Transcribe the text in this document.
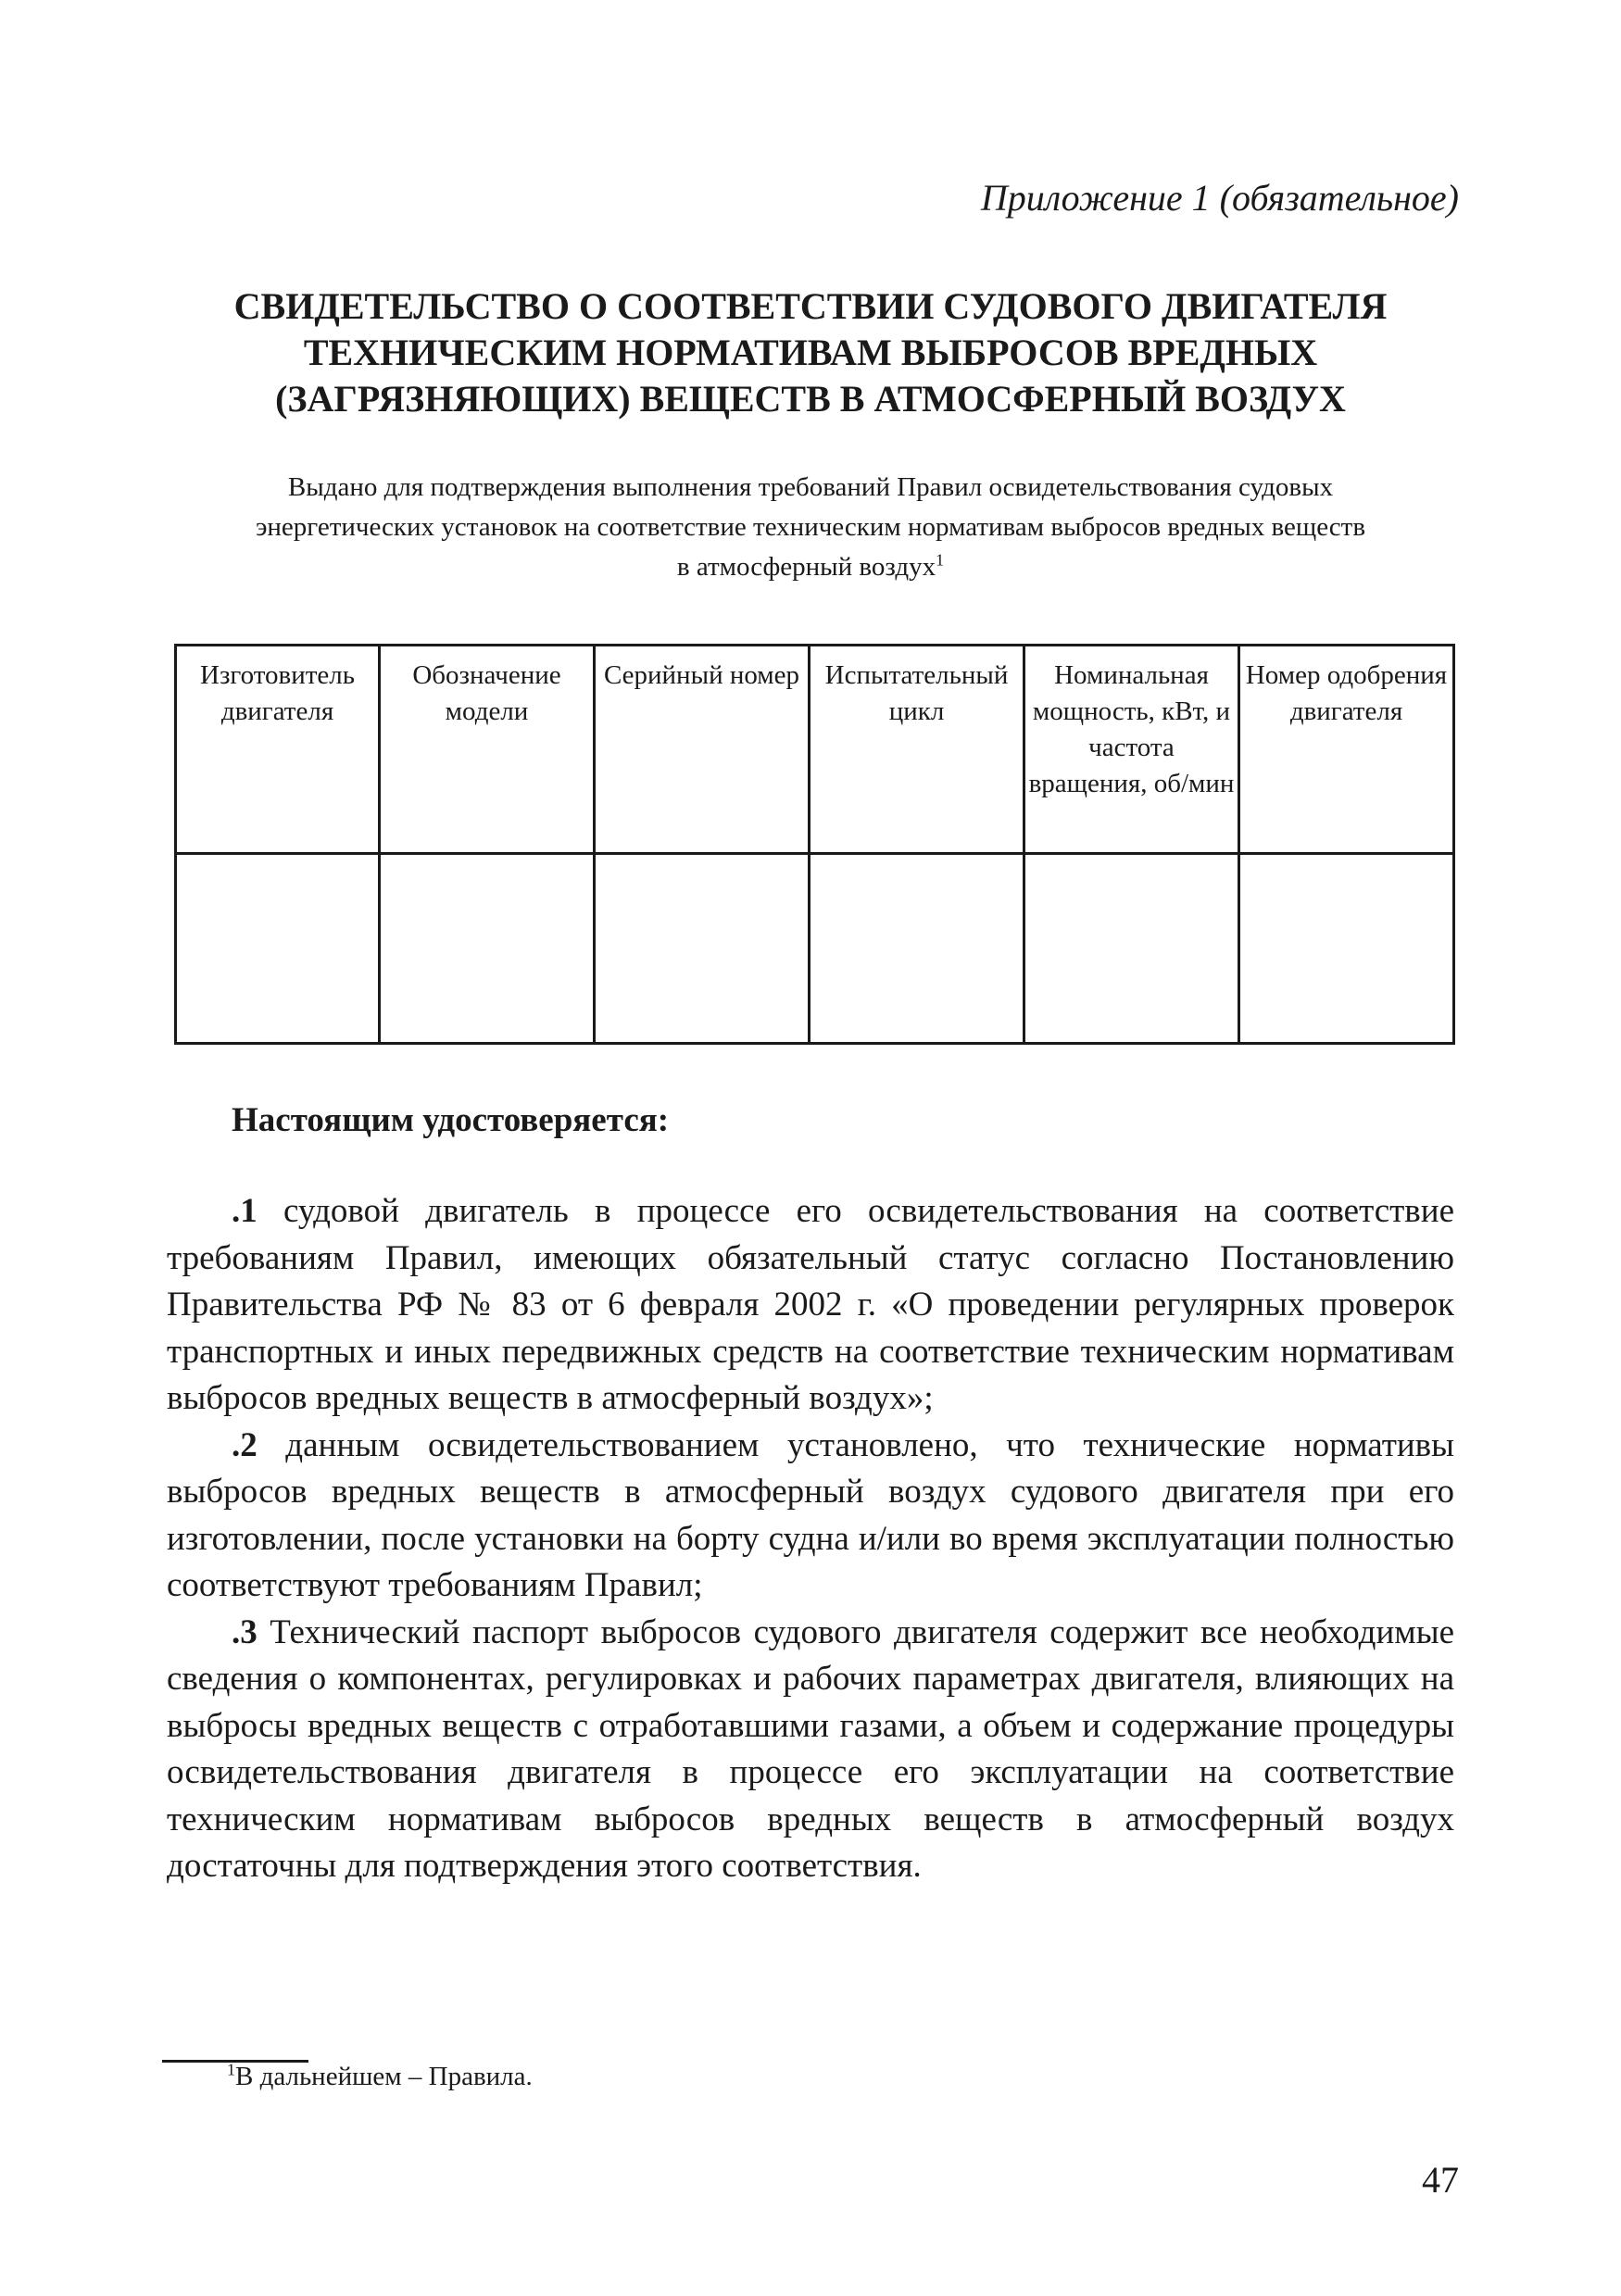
Приложение 1 (обязательное)
СВИДЕТЕЛЬСТВО О СООТВЕТСТВИИ СУДОВОГО ДВИГАТЕЛЯ
ТЕХНИЧЕСКИМ НОРМАТИВАМ ВЫБРОСОВ ВРЕДНЫХ
(ЗАГРЯЗНЯЮЩИХ) ВЕЩЕСТВ В АТМОСФЕРНЫЙ ВОЗДУХ
Выдано для подтверждения выполнения требований Правил освидетельствования судовых
энергетических установок на соответствие техническим нормативам выбросов вредных веществ
в атмосферный воздух$^1$
Изготовитель двигателя	Обозначение модели	Серийный номер	Испытательный цикл	Номинальная мощность, кВт, и частота вращения, об/мин	Номер одобрения двигателя

Настоящим удостоверяется:

.1 судовой двигатель в процессе его освидетельствования на соответствие требованиям Правил, имеющих обязательный статус согласно Постановлению Правительства РФ № 83 от 6 февраля 2002 г. «О проведении регулярных проверок транспортных и иных передвижных средств на соответствие техническим нормативам выбросов вредных веществ в атмосферный воздух»;

.2 данным освидетельствованием установлено, что технические нормативы выбросов вредных веществ в атмосферный воздух судового двигателя при его изготовлении, после установки на борту судна и/или во время эксплуатации полностью соответствуют требованиям Правил;

.3 Технический паспорт выбросов судового двигателя содержит все необходимые сведения о компонентах, регулировках и рабочих параметрах двигателя, влияющих на выбросы вредных веществ с отработавшими газами, а объем и содержание процедуры освидетельствования двигателя в процессе его эксплуатации на соответствие техническим нормативам выбросов вредных веществ в атмосферный воздух достаточны для подтверждения этого соответствия.

$^1$В дальнейшем – Правила.
47
